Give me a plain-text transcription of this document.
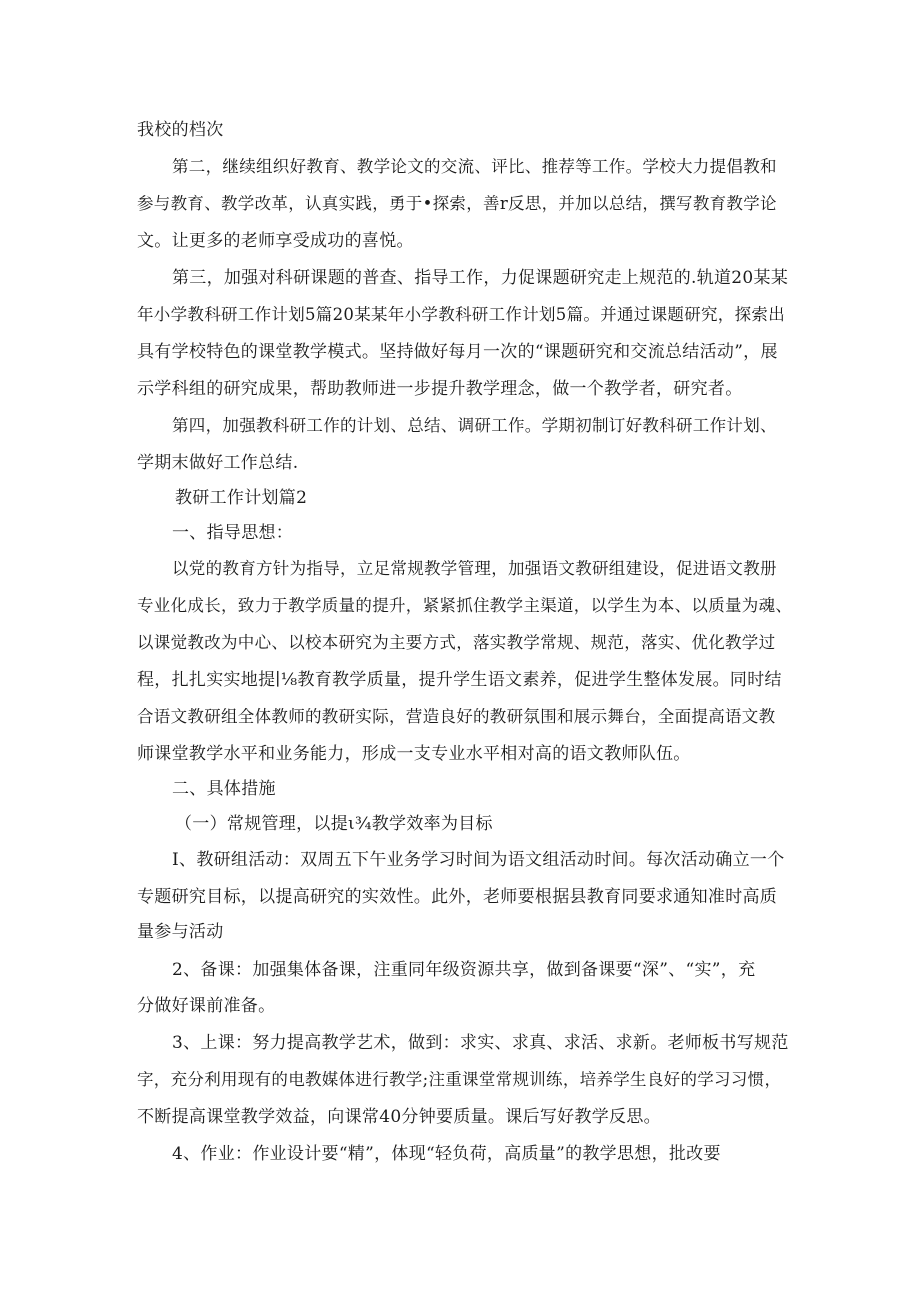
我校的档次
第二，继续组织好教育、教学论文的交流、评比、推荐等工作。学校大力提倡教和
参与教育、教学改革，认真实践，勇于•探索，善r反思，并加以总结，撰写教育教学论
文。让更多的老师享受成功的喜悦。
第三，加强对科研课题的普查、指导工作，力促课题研究走上规范的.轨道20某某
年小学教科研工作计划5篇20某某年小学教科研工作计划5篇。并通过课题研究，探索出
具有学校特色的课堂教学模式。坚持做好每月一次的“课题研究和交流总结活动”，展
示学科组的研究成果，帮助教师进一步提升教学理念，做一个教学者，研究者。
第四，加强教科研工作的计划、总结、调研工作。学期初制订好教科研工作计划、
学期末做好工作总结.
教研工作计划篇2
一、指导思想：
以党的教育方针为指导，立足常规教学管理，加强语文教研组建设，促进语文教册
专业化成长，致力于教学质量的提升，紧紧抓住教学主渠道，以学生为本、以质量为魂、
以课觉教改为中心、以校本研究为主要方式，落实教学常规、规范，落实、优化教学过
程，扎扎实实地提∣⅛教育教学质量，提升学生语文素养，促进学生整体发展。同时结
合语文教研组全体教师的教研实际，营造良好的教研氛围和展示舞台，全面提高语文教
师课堂教学水平和业务能力，形成一支专业水平相对高的语文教师队伍。
二、具体措施
（一）常规管理，以提ι¾教学效率为目标
I、教研组活动：双周五下午业务学习时间为语文组活动时间。每次活动确立一个
专题研究目标，以提高研究的实效性。此外，老师要根据县教育同要求通知准时高质
量参与活动
2、备课：加强集体备课，注重同年级资源共享，做到备课要“深”、“实”，充
分做好课前准备。
3、上课：努力提高教学艺术，做到：求实、求真、求活、求新。老师板书写规范
字，充分利用现有的电教媒体进行教学;注重课堂常规训练，培养学生良好的学习习惯，
不断提高课堂教学效益，向课常40分钟要质量。课后写好教学反思。
4、作业：作业设计要“精”，体现“轻负荷，高质量”的教学思想，批改要
